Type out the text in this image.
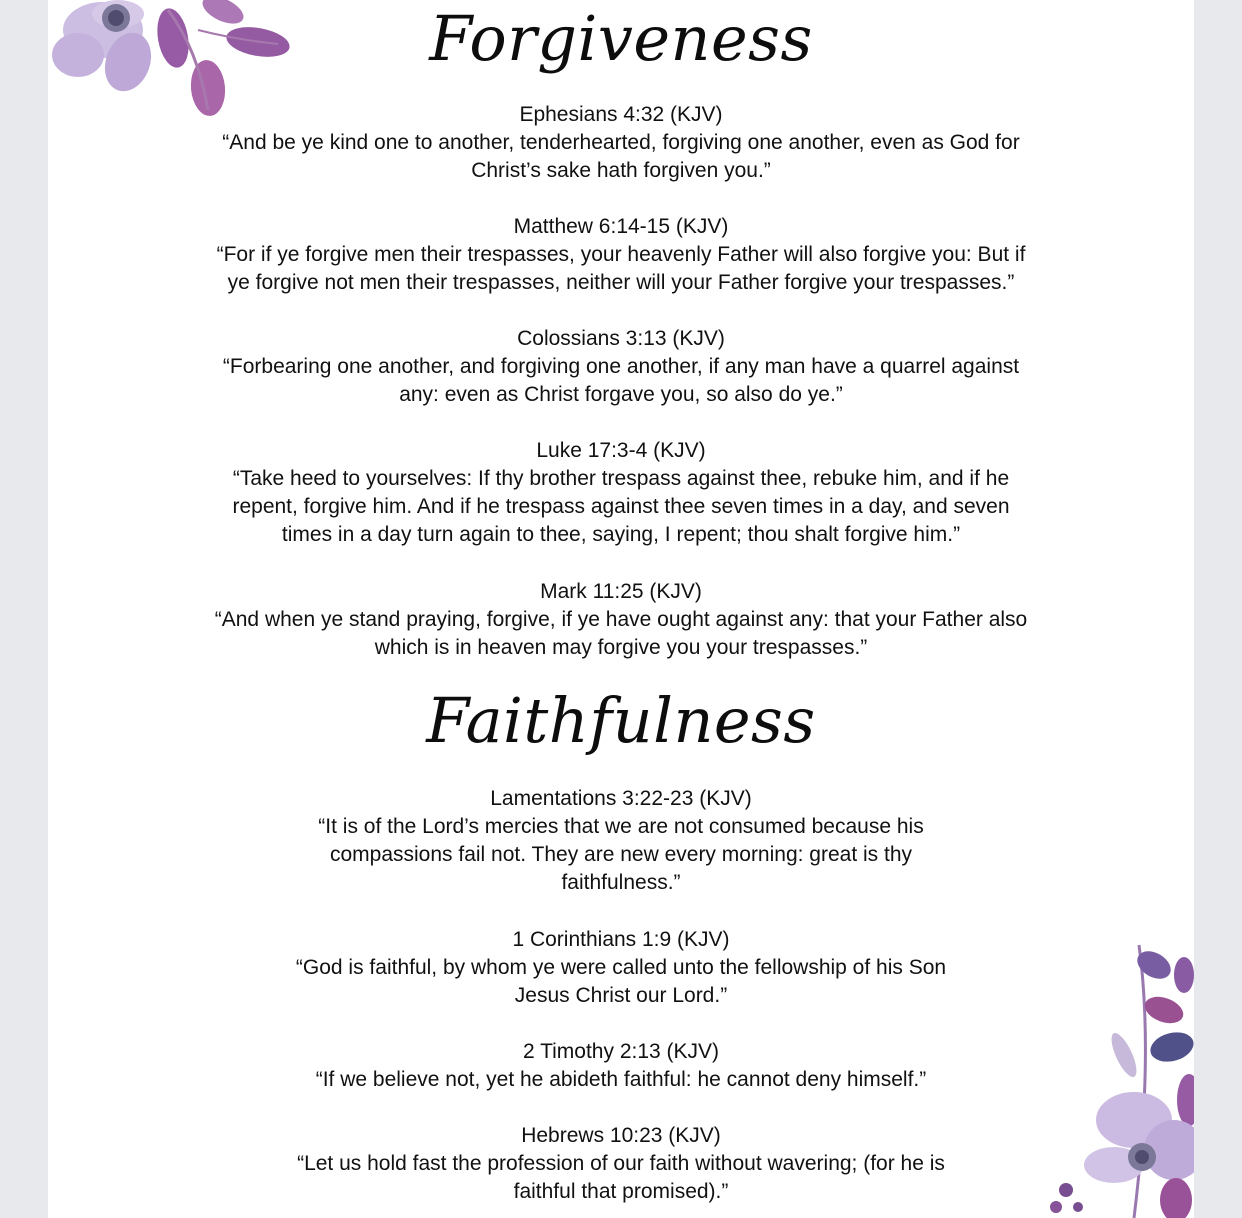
Forgiveness
Ephesians 4:32 (KJV)
“And be ye kind one to another, tenderhearted, forgiving one another, even as God for
Christ’s sake hath forgiven you.”
Matthew 6:14-15 (KJV)
“For if ye forgive men their trespasses, your heavenly Father will also forgive you: But if
ye forgive not men their trespasses, neither will your Father forgive your trespasses.”
Colossians 3:13 (KJV)
“Forbearing one another, and forgiving one another, if any man have a quarrel against
any: even as Christ forgave you, so also do ye.”
Luke 17:3-4 (KJV)
“Take heed to yourselves: If thy brother trespass against thee, rebuke him, and if he
repent, forgive him. And if he trespass against thee seven times in a day, and seven
times in a day turn again to thee, saying, I repent; thou shalt forgive him.”
Mark 11:25 (KJV)
“And when ye stand praying, forgive, if ye have ought against any: that your Father also
which is in heaven may forgive you your trespasses.”
Faithfulness
Lamentations 3:22-23 (KJV)
“It is of the Lord’s mercies that we are not consumed because his
compassions fail not. They are new every morning: great is thy
faithfulness.”
1 Corinthians 1:9 (KJV)
“God is faithful, by whom ye were called unto the fellowship of his Son
Jesus Christ our Lord.”
2 Timothy 2:13 (KJV)
“If we believe not, yet he abideth faithful: he cannot deny himself.”
Hebrews 10:23 (KJV)
“Let us hold fast the profession of our faith without wavering; (for he is
faithful that promised).”
